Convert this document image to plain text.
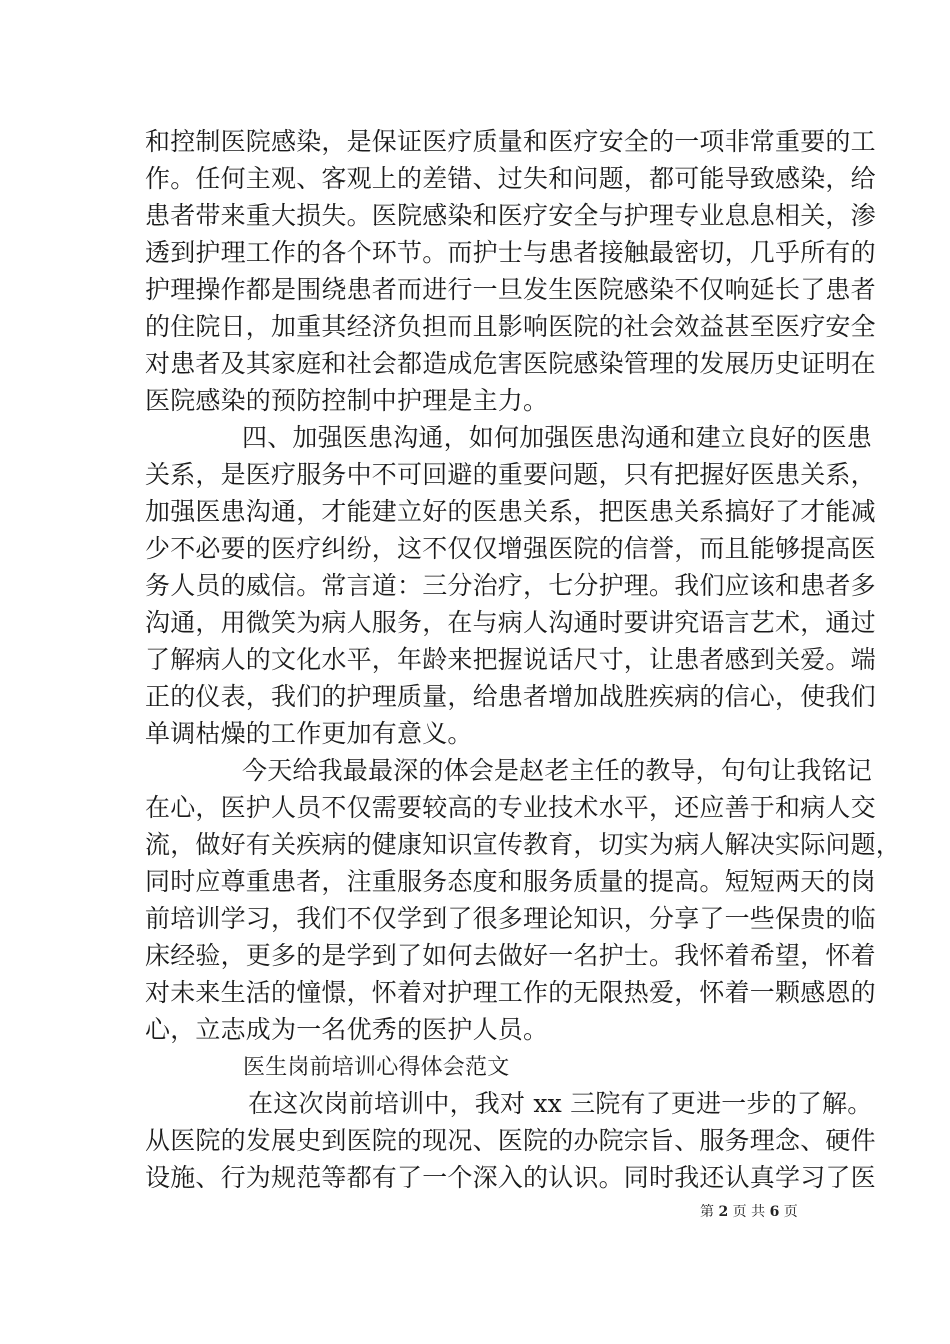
和控制医院感染，是保证医疗质量和医疗安全的一项非常重要的工
作。任何主观、客观上的差错、过失和问题，都可能导致感染，给
患者带来重大损失。医院感染和医疗安全与护理专业息息相关，渗
透到护理工作的各个环节。而护士与患者接触最密切，几乎所有的
护理操作都是围绕患者而进行一旦发生医院感染不仅响延长了患者
的住院日，加重其经济负担而且影响医院的社会效益甚至医疗安全
对患者及其家庭和社会都造成危害医院感染管理的发展历史证明在
医院感染的预防控制中护理是主力。
四、加强医患沟通，如何加强医患沟通和建立良好的医患
关系，是医疗服务中不可回避的重要问题，只有把握好医患关系，
加强医患沟通，才能建立好的医患关系，把医患关系搞好了才能减
少不必要的医疗纠纷，这不仅仅增强医院的信誉，而且能够提高医
务人员的威信。常言道：三分治疗，七分护理。我们应该和患者多
沟通，用微笑为病人服务，在与病人沟通时要讲究语言艺术，通过
了解病人的文化水平，年龄来把握说话尺寸，让患者感到关爱。端
正的仪表，我们的护理质量，给患者增加战胜疾病的信心，使我们
单调枯燥的工作更加有意义。
今天给我最最深的体会是赵老主任的教导，句句让我铭记
在心，医护人员不仅需要较高的专业技术水平，还应善于和病人交
流，做好有关疾病的健康知识宣传教育，切实为病人解决实际问题，
同时应尊重患者，注重服务态度和服务质量的提高。短短两天的岗
前培训学习，我们不仅学到了很多理论知识，分享了一些保贵的临
床经验，更多的是学到了如何去做好一名护士。我怀着希望，怀着
对未来生活的憧憬，怀着对护理工作的无限热爱，怀着一颗感恩的
心，立志成为一名优秀的医护人员。
医生岗前培训心得体会范文
在这次岗前培训中，我对 xx 三院有了更进一步的了解。
从医院的发展史到医院的现况、医院的办院宗旨、服务理念、硬件
设施、行为规范等都有了一个深入的认识。同时我还认真学习了医
第 2 页 共 6 页
